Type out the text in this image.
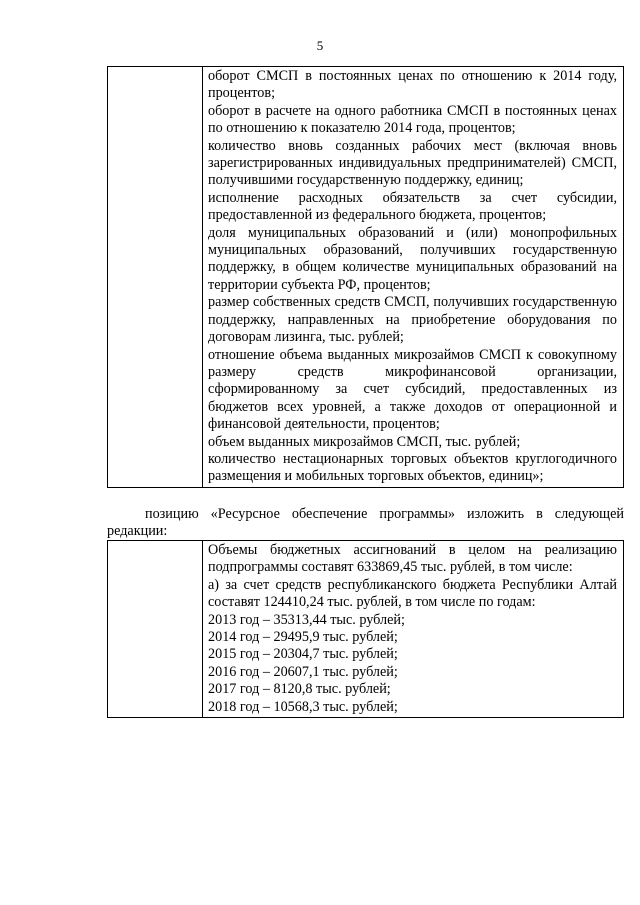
5

оборот СМСП в постоянных ценах по отношению к 2014 году, процентов;

оборот в расчете на одного работника СМСП в постоянных ценах по отношению к показателю 2014 года, процентов;

количество вновь созданных рабочих мест (включая вновь зарегистрированных индивидуальных предпринимателей) СМСП, получившими государственную поддержку, единиц;

исполнение расходных обязательств за счет субсидии, предоставленной из федерального бюджета, процентов;

доля муниципальных образований и (или) монопрофильных муниципальных образований, получивших государственную поддержку, в общем количестве муниципальных образований на территории субъекта РФ, процентов;

размер собственных средств СМСП, получивших государственную поддержку, направленных на приобретение оборудования по договорам лизинга, тыс. рублей;

отношение объема выданных микрозаймов СМСП к совокупному размеру средств микрофинансовой организации, сформированному за счет субсидий, предоставленных из бюджетов всех уровней, а также доходов от операционной и финансовой деятельности, процентов;

объем выданных микрозаймов СМСП, тыс. рублей;

количество нестационарных торговых объектов круглогодичного размещения и мобильных торговых объектов, единиц»;

позицию «Ресурсное обеспечение программы» изложить в следующей редакции:

Объемы бюджетных ассигнований в целом на реализацию подпрограммы составят 633869,45 тыс. рублей, в том числе:

а) за счет средств республиканского бюджета Республики Алтай составят 124410,24 тыс. рублей, в том числе по годам:

2013 год – 35313,44 тыс. рублей;

2014 год – 29495,9 тыс. рублей;

2015 год – 20304,7 тыс. рублей;

2016 год – 20607,1 тыс. рублей;

2017 год – 8120,8 тыс. рублей;

2018 год – 10568,3 тыс. рублей;
